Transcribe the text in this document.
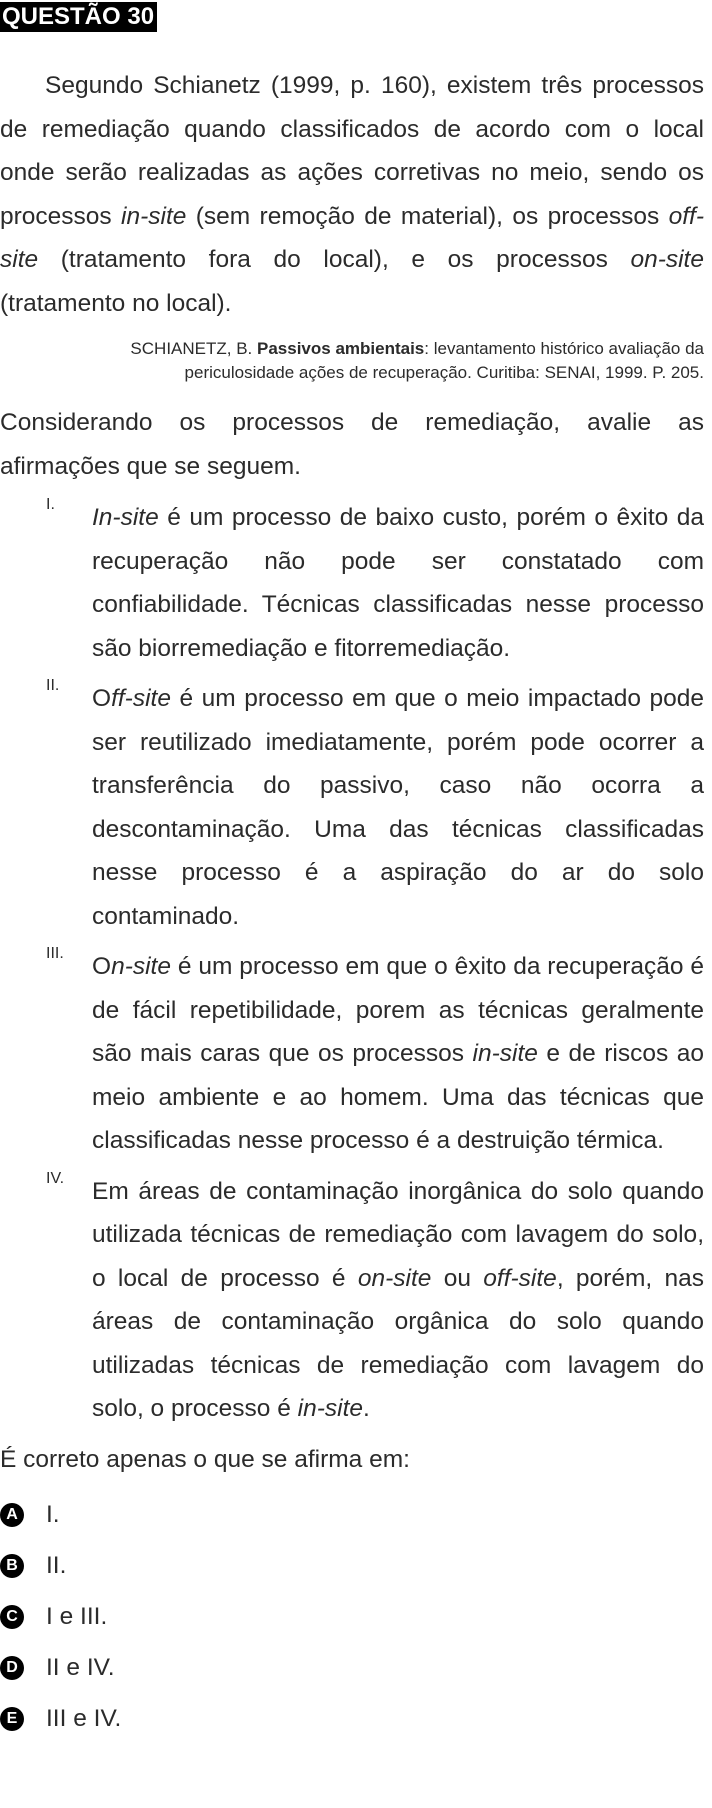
QUESTÃO 30

Segundo Schianetz (1999, p. 160), existem três processos de remediação quando classificados de acordo com o local onde serão realizadas as ações corretivas no meio, sendo os processos in-site (sem remoção de material), os processos off-site (tratamento fora do local), e os processos on-site (tratamento no local).

SCHIANETZ, B. Passivos ambientais: levantamento histórico avaliação da
periculosidade ações de recuperação. Curitiba: SENAI, 1999. P. 205.

Considerando os processos de remediação, avalie as afirmações que se seguem.

I. In-site é um processo de baixo custo, porém o êxito da recuperação não pode ser constatado com confiabilidade. Técnicas classificadas nesse processo são biorremediação e fitorremediação.

II. Off-site é um processo em que o meio impactado pode ser reutilizado imediatamente, porém pode ocorrer a transferência do passivo, caso não ocorra a descontaminação. Uma das técnicas classificadas nesse processo é a aspiração do ar do solo contaminado.

III. On-site é um processo em que o êxito da recuperação é de fácil repetibilidade, porem as técnicas geralmente são mais caras que os processos in-site e de riscos ao meio ambiente e ao homem. Uma das técnicas que classificadas nesse processo é a destruição térmica.

IV. Em áreas de contaminação inorgânica do solo quando utilizada técnicas de remediação com lavagem do solo, o local de processo é on-site ou off-site, porém, nas áreas de contaminação orgânica do solo quando utilizadas técnicas de remediação com lavagem do solo, o processo é in-site.

É correto apenas o que se afirma em:

A I.
B II.
C I e III.
D II e IV.
E III e IV.
